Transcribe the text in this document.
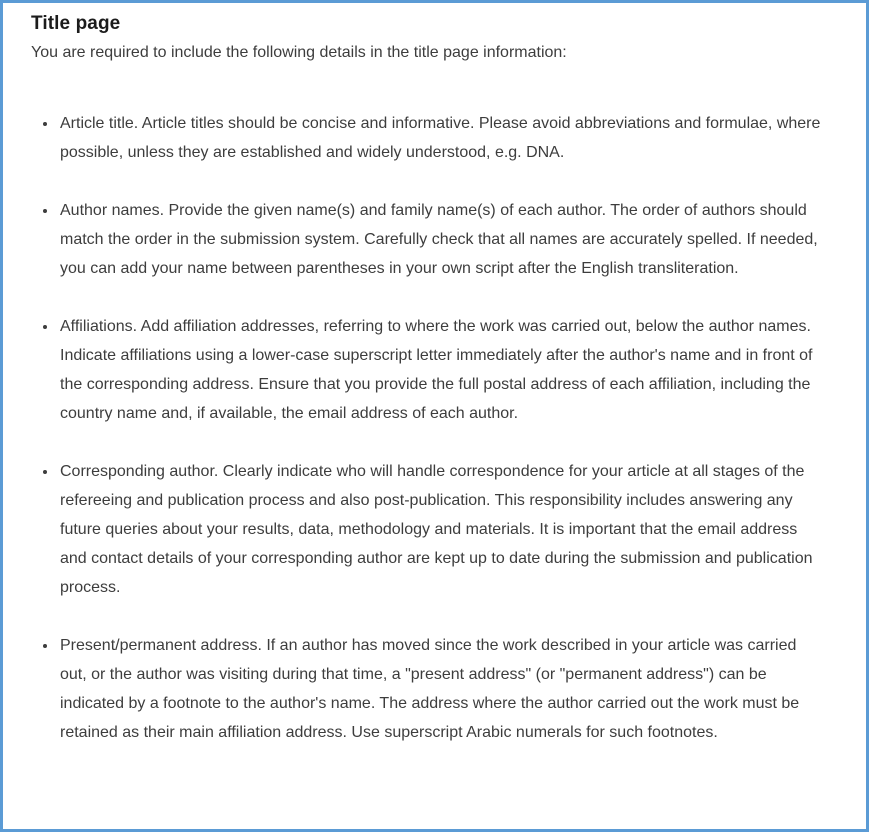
Title page

You are required to include the following details in the title page information:

• Article title. Article titles should be concise and informative. Please avoid abbreviations and formulae, where possible, unless they are established and widely understood, e.g. DNA.
• Author names. Provide the given name(s) and family name(s) of each author. The order of authors should match the order in the submission system. Carefully check that all names are accurately spelled. If needed, you can add your name between parentheses in your own script after the English transliteration.
• Affiliations. Add affiliation addresses, referring to where the work was carried out, below the author names. Indicate affiliations using a lower-case superscript letter immediately after the author's name and in front of the corresponding address. Ensure that you provide the full postal address of each affiliation, including the country name and, if available, the email address of each author.
• Corresponding author. Clearly indicate who will handle correspondence for your article at all stages of the refereeing and publication process and also post-publication. This responsibility includes answering any future queries about your results, data, methodology and materials. It is important that the email address and contact details of your corresponding author are kept up to date during the submission and publication process.
• Present/permanent address. If an author has moved since the work described in your article was carried out, or the author was visiting during that time, a "present address" (or "permanent address") can be indicated by a footnote to the author's name. The address where the author carried out the work must be retained as their main affiliation address. Use superscript Arabic numerals for such footnotes.
